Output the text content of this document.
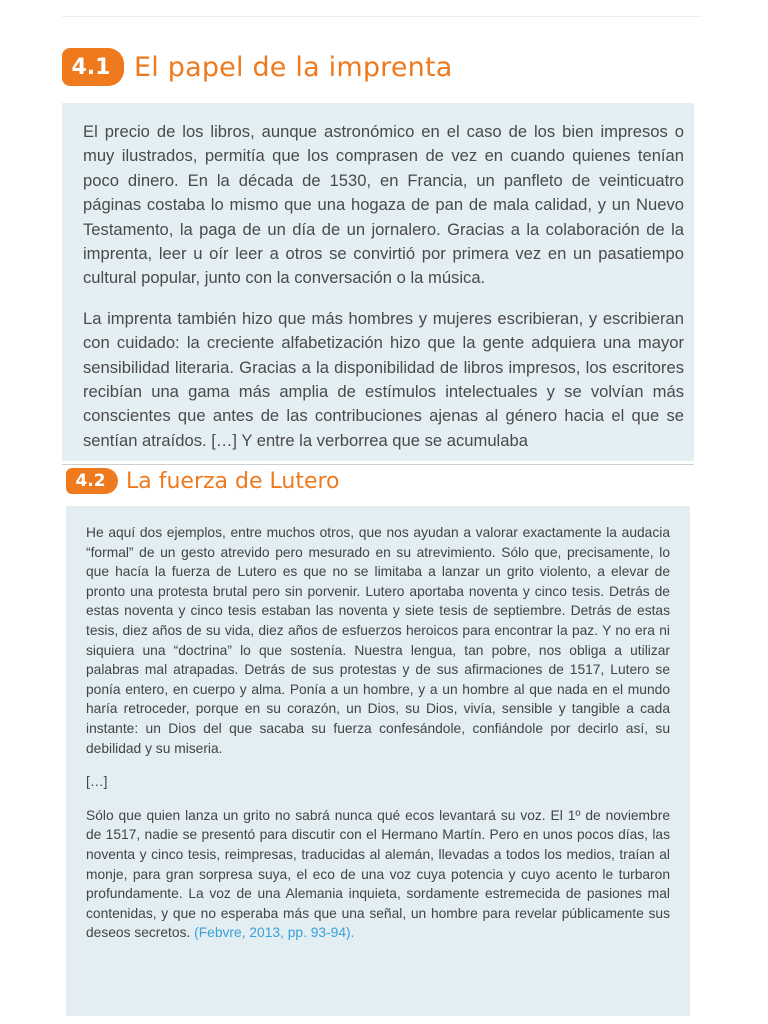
4.1 El papel de la imprenta

El precio de los libros, aunque astronómico en el caso de los bien impresos o muy ilustrados, permitía que los comprasen de vez en cuando quienes tenían poco dinero. En la década de 1530, en Francia, un panfleto de veinticuatro páginas costaba lo mismo que una hogaza de pan de mala calidad, y un Nuevo Testamento, la paga de un día de un jornalero. Gracias a la colaboración de la imprenta, leer u oír leer a otros se convirtió por primera vez en un pasatiempo cultural popular, junto con la conversación o la música.

La imprenta también hizo que más hombres y mujeres escribieran, y escribieran con cuidado: la creciente alfabetización hizo que la gente adquiera una mayor sensibilidad literaria. Gracias a la disponibilidad de libros impresos, los escritores recibían una gama más amplia de estímulos intelectuales y se volvían más conscientes que antes de las contribuciones ajenas al género hacia el que se sentían atraídos. […] Y entre la verborrea que se acumulaba

4.2 La fuerza de Lutero

He aquí dos ejemplos, entre muchos otros, que nos ayudan a valorar exactamente la audacia “formal” de un gesto atrevido pero mesurado en su atrevimiento. Sólo que, precisamente, lo que hacía la fuerza de Lutero es que no se limitaba a lanzar un grito violento, a elevar de pronto una protesta brutal pero sin porvenir. Lutero aportaba noventa y cinco tesis. Detrás de estas noventa y cinco tesis estaban las noventa y siete tesis de septiembre. Detrás de estas tesis, diez años de su vida, diez años de esfuerzos heroicos para encontrar la paz. Y no era ni siquiera una “doctrina” lo que sostenía. Nuestra lengua, tan pobre, nos obliga a utilizar palabras mal atrapadas. Detrás de sus protestas y de sus afirmaciones de 1517, Lutero se ponía entero, en cuerpo y alma. Ponía a un hombre, y a un hombre al que nada en el mundo haría retroceder, porque en su corazón, un Dios, su Dios, vivía, sensible y tangible a cada instante: un Dios del que sacaba su fuerza confesándole, confiándole por decirlo así, su debilidad y su miseria.

[…]

Sólo que quien lanza un grito no sabrá nunca qué ecos levantará su voz. El 1º de noviembre de 1517, nadie se presentó para discutir con el Hermano Martín. Pero en unos pocos días, las noventa y cinco tesis, reimpresas, traducidas al alemán, llevadas a todos los medios, traían al monje, para gran sorpresa suya, el eco de una voz cuya potencia y cuyo acento le turbaron profundamente. La voz de una Alemania inquieta, sordamente estremecida de pasiones mal contenidas, y que no esperaba más que una señal, un hombre para revelar públicamente sus deseos secretos. (Febvre, 2013, pp. 93-94).
